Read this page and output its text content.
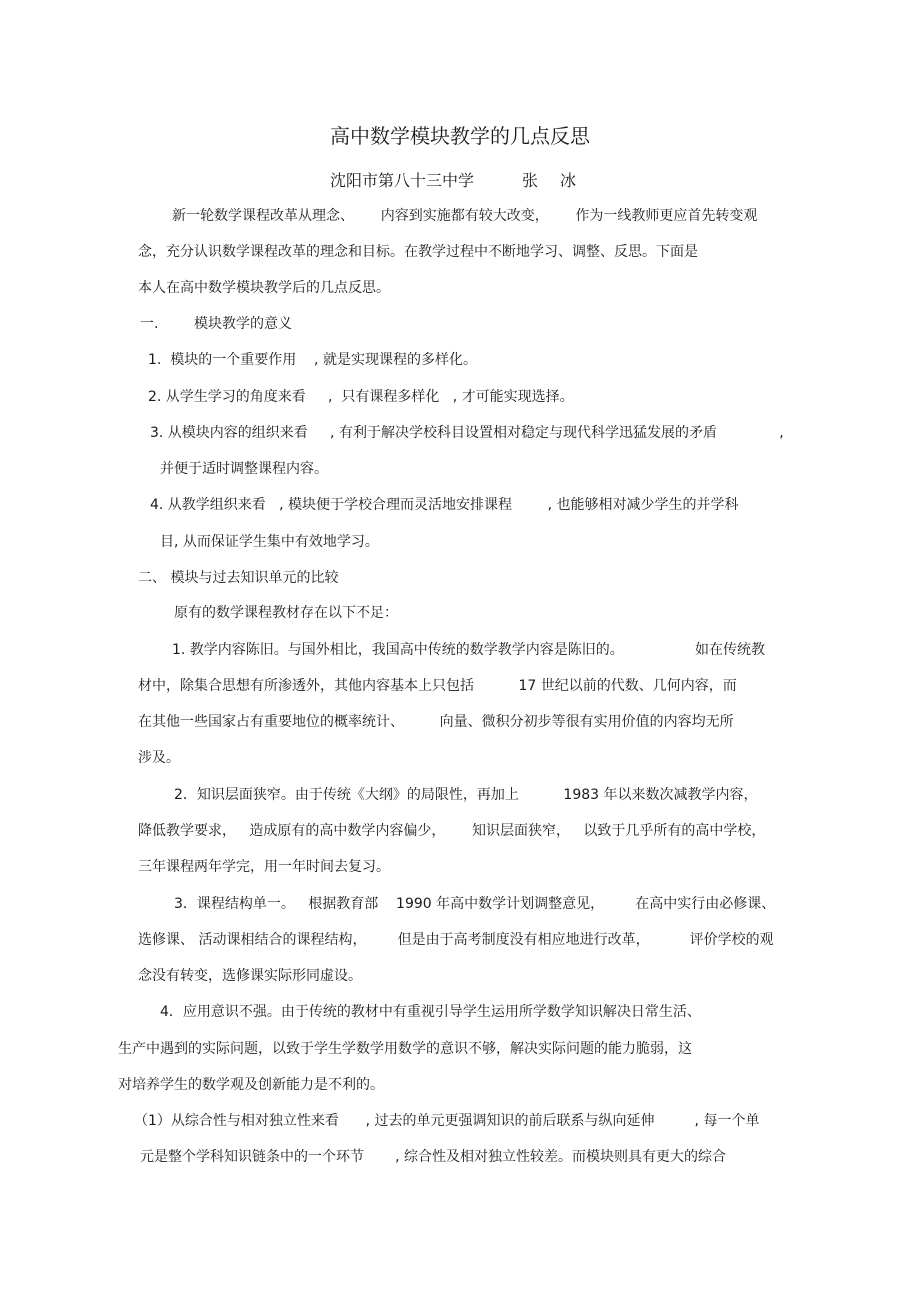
高中数学模块教学的几点反思
沈阳市第八十三中学	张 冰
新一轮数学课程改革从理念、      内容到实施都有较大改变，      作为一线教师更应首先转变观
念，充分认识数学课程改革的理念和目标。在教学过程中不断地学习、调整、反思。下面是
本人在高中数学模块教学后的几点反思。
一.        模块教学的意义
1.  模块的一个重要作用    , 就是实现课程的多样化。
2. 从学生学习的角度来看     ,  只有课程多样化   , 才可能实现选择。
3. 从模块内容的组织来看     , 有利于解决学校科目设置相对稳定与现代科学迅猛发展的矛盾              ,
并便于适时调整课程内容。
4. 从教学组织来看   , 模块便于学校合理而灵活地安排课程        , 也能够相对减少学生的并学科
目, 从而保证学生集中有效地学习。
二、 模块与过去知识单元的比较
原有的数学课程教材存在以下不足：
1. 教学内容陈旧。与国外相比，我国高中传统的数学教学内容是陈旧的。                如在传统教
材中，除集合思想有所渗透外，其他内容基本上只包括          17 世纪以前的代数、几何内容，而
在其他一些国家占有重要地位的概率统计、        向量、微积分初步等很有实用价值的内容均无所
涉及。
2．知识层面狭窄。由于传统《大纲》的局限性，再加上          1983 年以来数次减教学内容，
降低教学要求，   造成原有的高中数学内容偏少，      知识层面狭窄，   以致于几乎所有的高中学校，
三年课程两年学完，用一年时间去复习。
3．课程结构单一。   根据教育部    1990 年高中数学计划调整意见，       在高中实行由必修课、
选修课、 活动课相结合的课程结构，       但是由于高考制度没有相应地进行改革，         评价学校的观
念没有转变，选修课实际形同虚设。
4．应用意识不强。由于传统的教材中有重视引导学生运用所学数学知识解决日常生活、
生产中遇到的实际问题，以致于学生学数学用数学的意识不够，解决实际问题的能力脆弱，这
对培养学生的数学观及创新能力是不利的。
（1）从综合性与相对独立性来看      , 过去的单元更强调知识的前后联系与纵向延伸         , 每一个单
元是整个学科知识链条中的一个环节       , 综合性及相对独立性较差。而模块则具有更大的综合
